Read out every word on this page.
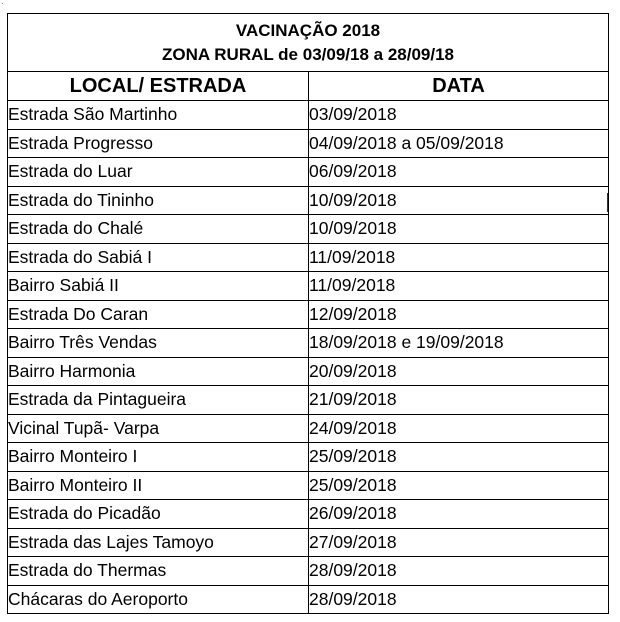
·
VACINAÇÃO 2018
ZONA RURAL de 03/09/18 a 28/09/18	

LOCAL/ ESTRADA	DATA
Estrada São Martinho	03/09/2018
Estrada Progresso	04/09/2018 a 05/09/2018
Estrada do Luar	06/09/2018
Estrada do Tininho	10/09/2018
Estrada do Chalé	10/09/2018
Estrada do Sabiá I	11/09/2018
Bairro Sabiá II	11/09/2018
Estrada Do Caran	12/09/2018
Bairro Três Vendas	18/09/2018 e 19/09/2018
Bairro Harmonia	20/09/2018
Estrada da Pintagueira	21/09/2018
Vicinal Tupã- Varpa	24/09/2018
Bairro Monteiro I	25/09/2018
Bairro Monteiro II	25/09/2018
Estrada do Picadão	26/09/2018
Estrada das Lajes Tamoyo	27/09/2018
Estrada do Thermas	28/09/2018
Chácaras do Aeroporto	28/09/2018
